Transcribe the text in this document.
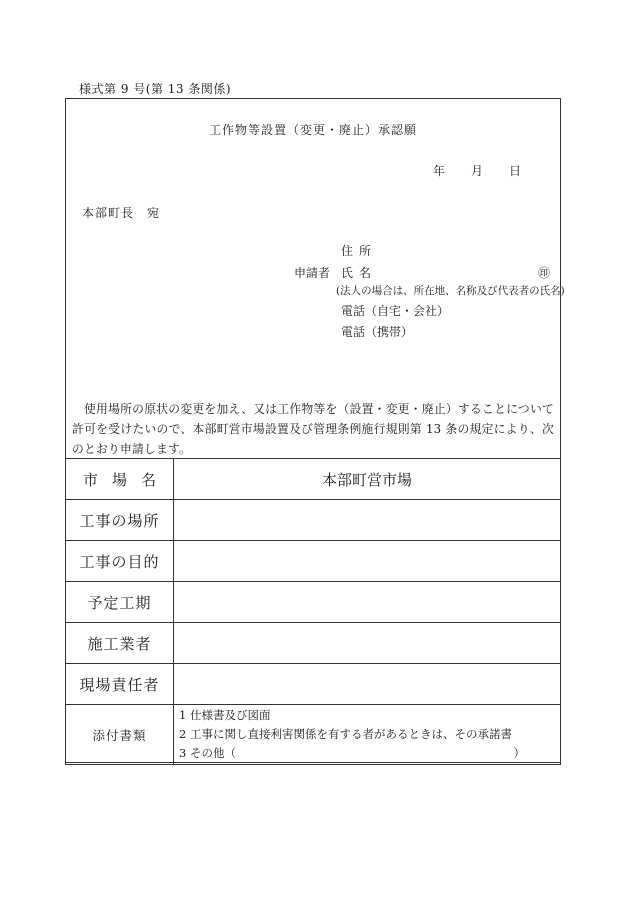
様式第 9 号(第 13 条関係)
工作物等設置（変更・廃止）承認願
年	月	日
本部町長　宛
住所
申請者 氏名	㊞
(法人の場合は、所在地、名称及び代表者の氏名)
電話（自宅・会社）
電話（携帯）
使用場所の原状の変更を加え、又は工作物等を（設置・変更・廃止）することについて許可を受けたいので、本部町営市場設置及び管理条例施行規則第 13 条の規定により、次のとおり申請します。
市場名	本部町営市場
工事の場所	
工事の目的	
予定工期	
施工業者	
現場責任者	
添付書類	1 仕様書及び図面
2 工事に関し直接利害関係を有する者があるときは、その承諾書
3 その他（ ）
